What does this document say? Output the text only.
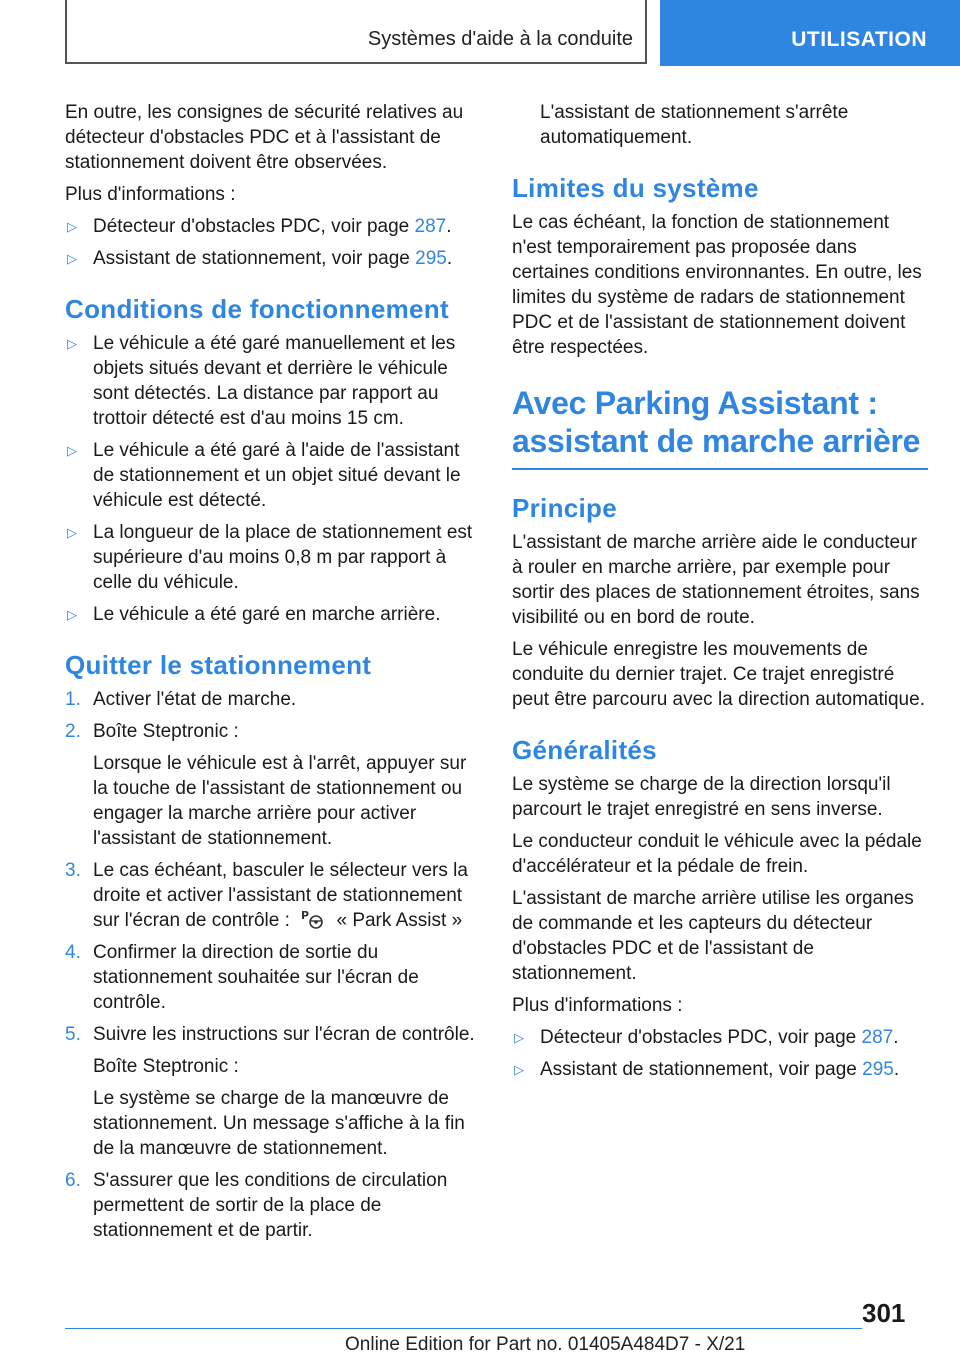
Systèmes d'aide à la conduite	UTILISATION

En outre, les consignes de sécurité relatives au détecteur d'obstacles PDC et à l'assistant de stationnement doivent être observées.

Plus d'informations :

▷ Détecteur d'obstacles PDC, voir page 287.
▷ Assistant de stationnement, voir page 295.
Conditions de fonctionnement
▷ Le véhicule a été garé manuellement et les objets situés devant et derrière le véhicule sont détectés. La distance par rapport au trottoir détecté est d'au moins 15 cm.
▷ Le véhicule a été garé à l'aide de l'assistant de stationnement et un objet situé devant le véhicule est détecté.
▷ La longueur de la place de stationnement est supérieure d'au moins 0,8 m par rapport à celle du véhicule.
▷ Le véhicule a été garé en marche arrière.
Quitter le stationnement
1. Activer l'état de marche.
2. Boîte Steptronic :
Lorsque le véhicule est à l'arrêt, appuyer sur la touche de l'assistant de stationnement ou engager la marche arrière pour activer l'assistant de stationnement.
3. Le cas échéant, basculer le sélecteur vers la droite et activer l'assistant de stationnement sur l'écran de contrôle : P « Park Assist »
4. Confirmer la direction de sortie du stationnement souhaitée sur l'écran de contrôle.
5. Suivre les instructions sur l'écran de contrôle.
Boîte Steptronic :
Le système se charge de la manœuvre de stationnement. Un message s'affiche à la fin de la manœuvre de stationnement.
6. S'assurer que les conditions de circulation permettent de sortir de la place de stationnement et de partir.
L'assistant de stationnement s'arrête automatiquement.
Limites du système

Le cas échéant, la fonction de stationnement n'est temporairement pas proposée dans certaines conditions environnantes. En outre, les limites du système de radars de stationnement PDC et de l'assistant de stationnement doivent être respectées.

Avec Parking Assistant : assistant de marche arrière
Principe

L'assistant de marche arrière aide le conducteur à rouler en marche arrière, par exemple pour sortir des places de stationnement étroites, sans visibilité ou en bord de route.

Le véhicule enregistre les mouvements de conduite du dernier trajet. Ce trajet enregistré peut être parcouru avec la direction automatique.

Généralités

Le système se charge de la direction lorsqu'il parcourt le trajet enregistré en sens inverse.

Le conducteur conduit le véhicule avec la pédale d'accélérateur et la pédale de frein.

L'assistant de marche arrière utilise les organes de commande et les capteurs du détecteur d'obstacles PDC et de l'assistant de stationnement.

Plus d'informations :

▷ Détecteur d'obstacles PDC, voir page 287.
▷ Assistant de stationnement, voir page 295.
301
Online Edition for Part no. 01405A484D7 - X/21
